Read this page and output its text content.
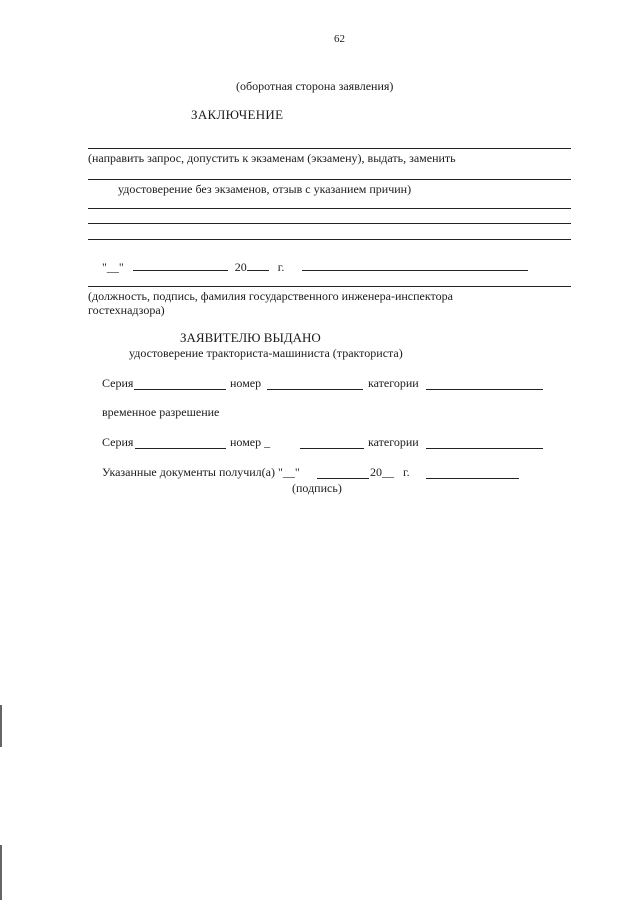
62
(оборотная сторона заявления)
ЗАКЛЮЧЕНИЕ
(направить запрос, допустить к экзаменам (экзамену), выдать, заменить
удостоверение без экзаменов, отзыв с указанием причин)
"__"	20	г.
(должность, подпись, фамилия государственного инженера-инспектора
гостехнадзора)
ЗАЯВИТЕЛЮ ВЫДАНО
удостоверение тракториста-машиниста (тракториста)
Серия	номер	категории
временное разрешение
Серия	номер _	категории
Указанные документы получил(а) "__"	20__ г.
(подпись)
